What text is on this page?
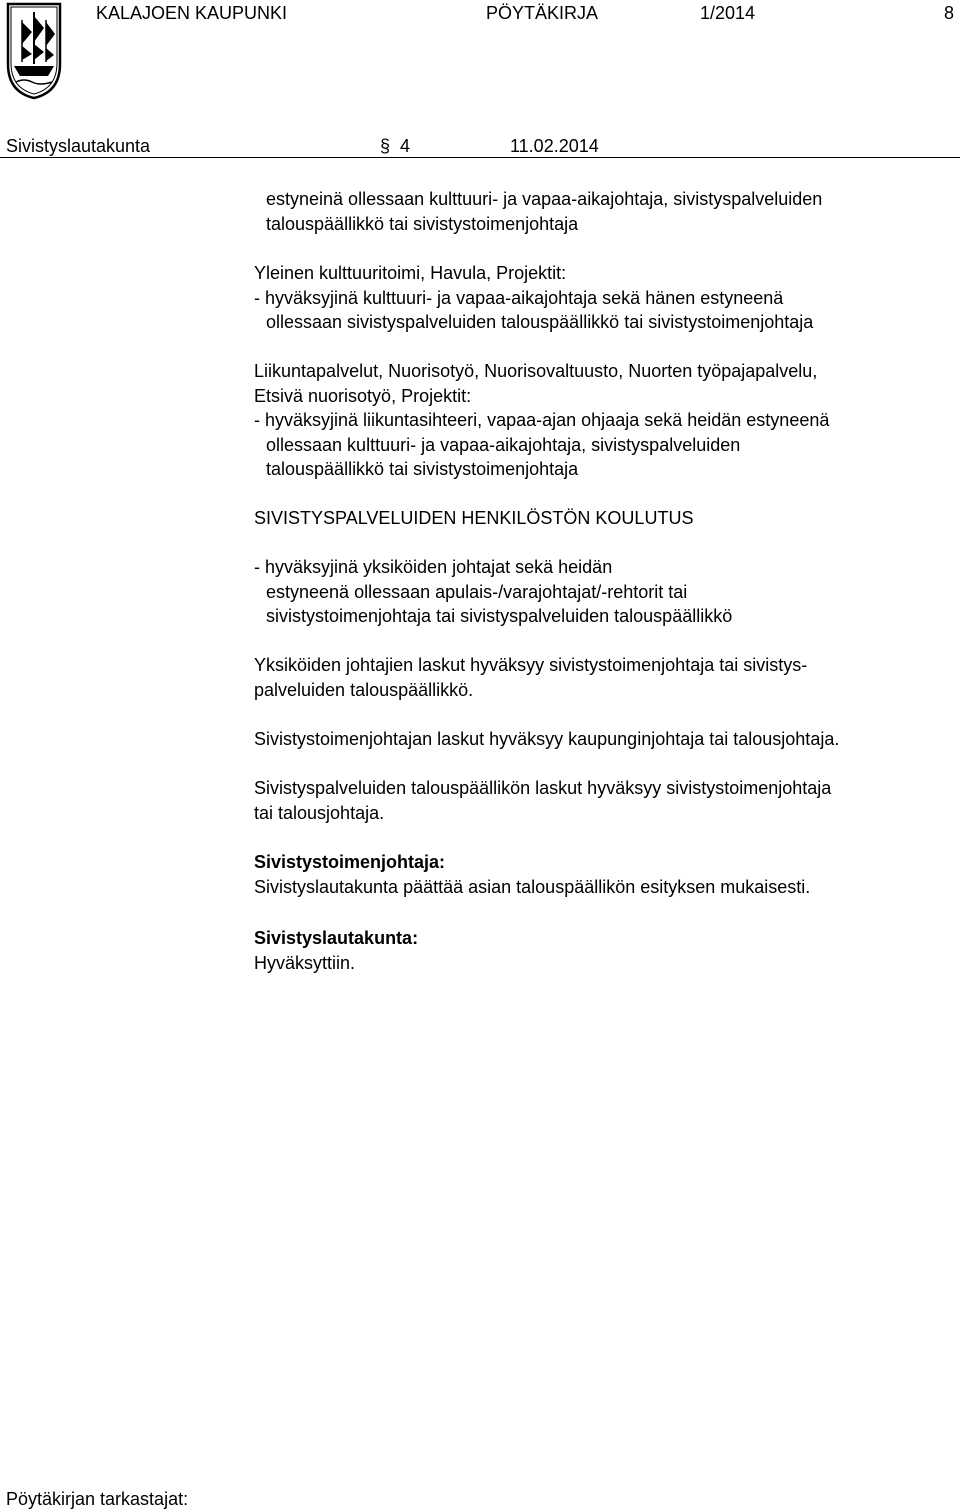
KALAJOEN KAUPUNKI	PÖYTÄKIRJA	1/2014	8
Sivistyslautakunta	§ 4	11.02.2014
estyneinä ollessaan kulttuuri- ja vapaa-aikajohtaja, sivistyspalveluiden
talouspäällikkö tai sivistystoimenjohtaja
Yleinen kulttuuritoimi, Havula, Projektit:
- hyväksyjinä kulttuuri- ja vapaa-aikajohtaja sekä hänen estyneenä
ollessaan sivistyspalveluiden talouspäällikkö tai sivistystoimenjohtaja
Liikuntapalvelut, Nuorisotyö, Nuorisovaltuusto, Nuorten työpajapalvelu,
Etsivä nuorisotyö, Projektit:
- hyväksyjinä liikuntasihteeri, vapaa-ajan ohjaaja sekä heidän estyneenä
ollessaan kulttuuri- ja vapaa-aikajohtaja, sivistyspalveluiden
talouspäällikkö tai sivistystoimenjohtaja
SIVISTYSPALVELUIDEN HENKILÖSTÖN KOULUTUS
- hyväksyjinä yksiköiden johtajat sekä heidän
estyneenä ollessaan apulais-/varajohtajat/-rehtorit tai
sivistystoimenjohtaja tai sivistyspalveluiden talouspäällikkö
Yksiköiden johtajien laskut hyväksyy sivistystoimenjohtaja tai sivistys-
palveluiden talouspäällikkö.
Sivistystoimenjohtajan laskut hyväksyy kaupunginjohtaja tai talousjohtaja.
Sivistyspalveluiden talouspäällikön laskut hyväksyy sivistystoimenjohtaja
tai talousjohtaja.
Sivistystoimenjohtaja:
Sivistyslautakunta päättää asian talouspäällikön esityksen mukaisesti.
Sivistyslautakunta:
Hyväksyttiin.
Pöytäkirjan tarkastajat:
